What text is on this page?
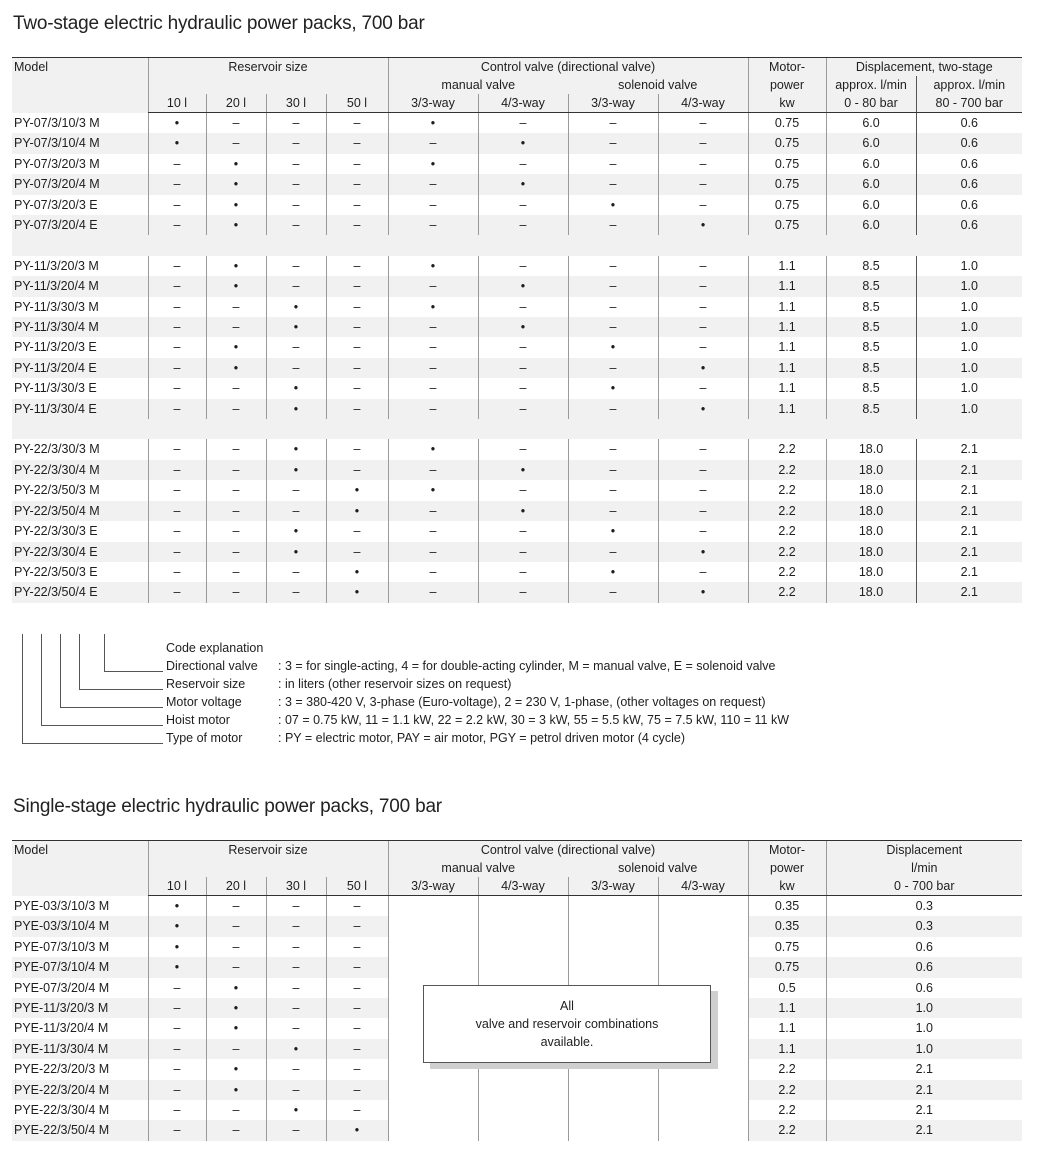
Two-stage electric hydraulic power packs, 700 bar
Model	Reservoir size				Control valve (directional valve)				Motor-	Displacement, two-stage	
					manual valve		solenoid valve		power	approx. l/min	approx. l/min
	10 l	20 l	30 l	50 l	3/3-way	4/3-way	3/3-way	4/3-way	kw	0 - 80 bar	80 - 700 bar
PY-07/3/10/3 M	•	–	–	–	•	–	–	–	0.75	6.0	0.6
PY-07/3/10/4 M	•	–	–	–	–	•	–	–	0.75	6.0	0.6
PY-07/3/20/3 M	–	•	–	–	•	–	–	–	0.75	6.0	0.6
PY-07/3/20/4 M	–	•	–	–	–	•	–	–	0.75	6.0	0.6
PY-07/3/20/3 E	–	•	–	–	–	–	•	–	0.75	6.0	0.6
PY-07/3/20/4 E	–	•	–	–	–	–	–	•	0.75	6.0	0.6

PY-11/3/20/3 M	–	•	–	–	•	–	–	–	1.1	8.5	1.0
PY-11/3/20/4 M	–	•	–	–	–	•	–	–	1.1	8.5	1.0
PY-11/3/30/3 M	–	–	•	–	•	–	–	–	1.1	8.5	1.0
PY-11/3/30/4 M	–	–	•	–	–	•	–	–	1.1	8.5	1.0
PY-11/3/20/3 E	–	•	–	–	–	–	•	–	1.1	8.5	1.0
PY-11/3/20/4 E	–	•	–	–	–	–	–	•	1.1	8.5	1.0
PY-11/3/30/3 E	–	–	•	–	–	–	•	–	1.1	8.5	1.0
PY-11/3/30/4 E	–	–	•	–	–	–	–	•	1.1	8.5	1.0

PY-22/3/30/3 M	–	–	•	–	•	–	–	–	2.2	18.0	2.1
PY-22/3/30/4 M	–	–	•	–	–	•	–	–	2.2	18.0	2.1
PY-22/3/50/3 M	–	–	–	•	•	–	–	–	2.2	18.0	2.1
PY-22/3/50/4 M	–	–	–	•	–	•	–	–	2.2	18.0	2.1
PY-22/3/30/3 E	–	–	•	–	–	–	•	–	2.2	18.0	2.1
PY-22/3/30/4 E	–	–	•	–	–	–	–	•	2.2	18.0	2.1
PY-22/3/50/3 E	–	–	–	•	–	–	•	–	2.2	18.0	2.1
PY-22/3/50/4 E	–	–	–	•	–	–	–	•	2.2	18.0	2.1
Code explanation
Directional valve	: 3 = for single-acting, 4 = for double-acting cylinder, M = manual valve, E = solenoid valve
Reservoir size	: in liters (other reservoir sizes on request)
Motor voltage	: 3 = 380-420 V, 3-phase (Euro-voltage), 2 = 230 V, 1-phase, (other voltages on request)
Hoist motor	: 07 = 0.75 kW, 11 = 1.1 kW, 22 = 2.2 kW, 30 = 3 kW, 55 = 5.5 kW, 75 = 7.5 kW, 110 = 11 kW
Type of motor	: PY = electric motor, PAY = air motor, PGY = petrol driven motor (4 cycle)
Single-stage electric hydraulic power packs, 700 bar
Model	Reservoir size				Control valve (directional valve)				Motor-	Displacement
					manual valve		solenoid valve		power	l/min
	10 l	20 l	30 l	50 l	3/3-way	4/3-way	3/3-way	4/3-way	kw	0 - 700 bar
PYE-03/3/10/3 M	•	–	–	–					0.35	0.3
PYE-03/3/10/4 M	•	–	–	–					0.35	0.3
PYE-07/3/10/3 M	•	–	–	–					0.75	0.6
PYE-07/3/10/4 M	•	–	–	–					0.75	0.6
PYE-07/3/20/4 M	–	•	–	–					0.5	0.6
PYE-11/3/20/3 M	–	•	–	–					1.1	1.0
PYE-11/3/20/4 M	–	•	–	–					1.1	1.0
PYE-11/3/30/4 M	–	–	•	–					1.1	1.0
PYE-22/3/20/3 M	–	•	–	–					2.2	2.1
PYE-22/3/20/4 M	–	•	–	–					2.2	2.1
PYE-22/3/30/4 M	–	–	•	–					2.2	2.1
PYE-22/3/50/4 M	–	–	–	•					2.2	2.1
All
valve and reservoir combinations
available.
